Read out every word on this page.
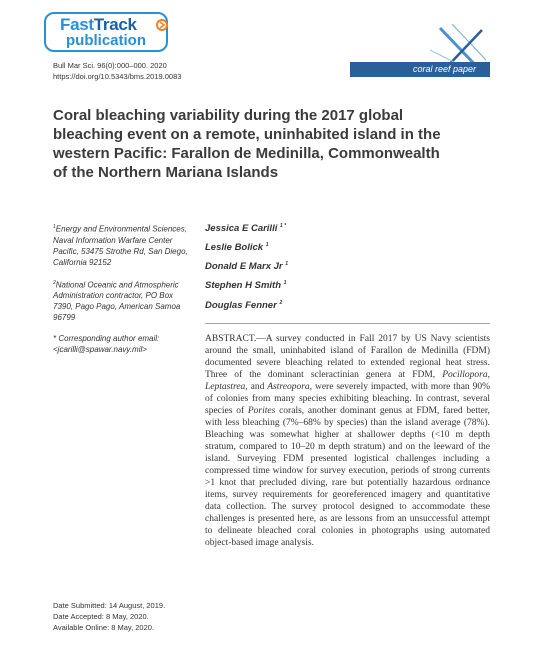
FastTrack
publication
Bull Mar Sci. 96(0):000–000. 2020
https://doi.org/10.5343/bms.2019.0083
coral reef paper
Coral bleaching variability during the 2017 global bleaching event on a remote, uninhabited island in the western Pacific: Farallon de Medinilla, Commonwealth of the Northern Mariana Islands

$^1$Energy and Environmental Sciences, Naval Information Warfare Center Pacific, 53475 Strothe Rd, San Diego, California 92152

$^2$National Oceanic and Atmospheric Administration contractor, PO Box 7390, Pago Pago, American Samoa 96799

* Corresponding author email: <jcarilli@spawar.navy.mil>

Jessica E Carilli $^{1 *}$
Leslie Bolick $^1$
Donald E Marx Jr $^1$
Stephen H Smith $^1$
Douglas Fenner $^2$
ABSTRACT.—A survey conducted in Fall 2017 by US Navy scientists around the small, uninhabited island of Farallon de Medinilla (FDM) documented severe bleaching related to extended regional heat stress. Three of the dominant scleractinian genera at FDM, Pocillopora, Leptastrea, and Astreopora, were severely impacted, with more than 90% of colonies from many species exhibiting bleaching. In contrast, several species of Porites corals, another dominant genus at FDM, fared better, with less bleaching (7%–68% by species) than the island average (78%). Bleaching was somewhat higher at shallower depths (<10 m depth stratum, compared to 10–20 m depth stratum) and on the leeward of the island. Surveying FDM presented logistical challenges including a compressed time window for survey execution, periods of strong currents >1 knot that precluded diving, rare but potentially hazardous ordnance items, survey requirements for georeferenced imagery and quantitative data collection. The survey protocol designed to accommodate these challenges is presented here, as are lessons from an unsuccessful attempt to delineate bleached coral colonies in photographs using automated object-based image analysis.
Date Submitted: 14 August, 2019.
Date Accepted: 8 May, 2020.
Available Online: 8 May, 2020.
